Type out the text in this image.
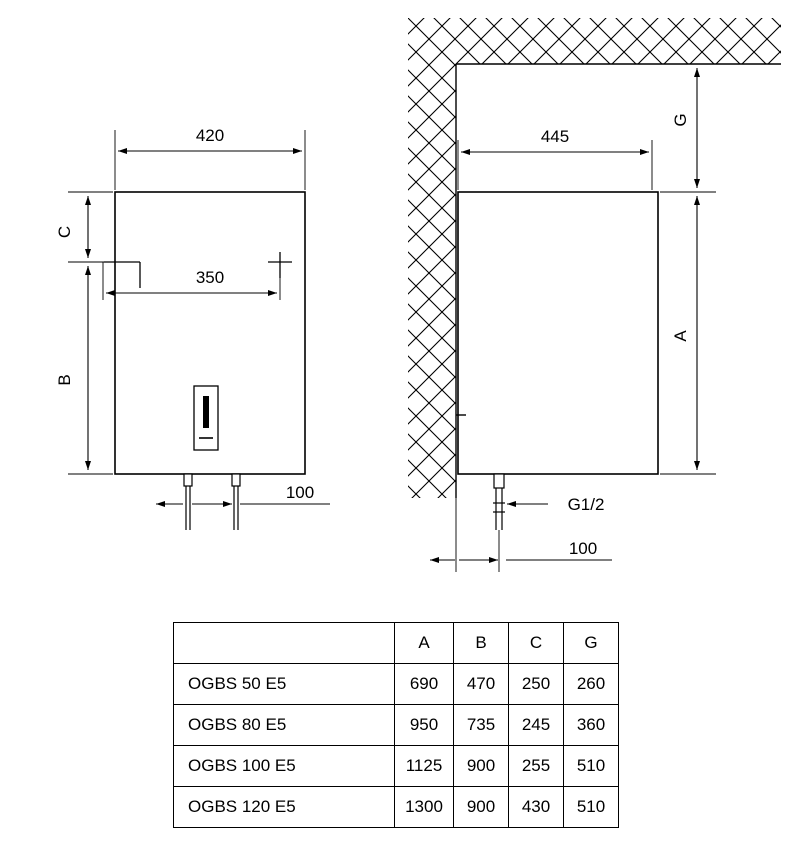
420
350
C
B
100
445
G
A
G1/2
100
	A	B	C	G
OGBS 50 E5	690	470	250	260
OGBS 80 E5	950	735	245	360
OGBS 100 E5	1125	900	255	510
OGBS 120 E5	1300	900	430	510
